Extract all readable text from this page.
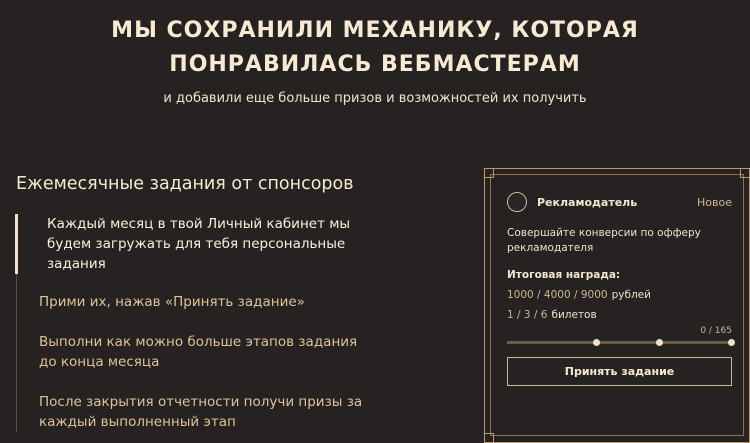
МЫ СОХРАНИЛИ МЕХАНИКУ, КОТОРАЯ
ПОНРАВИЛАСЬ ВЕБМАСТЕРАМ
и добавили еще больше призов и возможностей их получить
Ежемесячные задания от спонсоров
Каждый месяц в твой Личный кабинет мы будем загружать для тебя персональные задания
Прими их, нажав «Принять задание»
Выполни как можно больше этапов задания до конца месяца
После закрытия отчетности получи призы за каждый выполненный этап
Рекламодатель	Новое
Совершайте конверсии по офферу рекламодателя
Итоговая награда:
1000 / 4000 / 9000 рублей
1 / 3 / 6 билетов
0 / 165
Принять задание
